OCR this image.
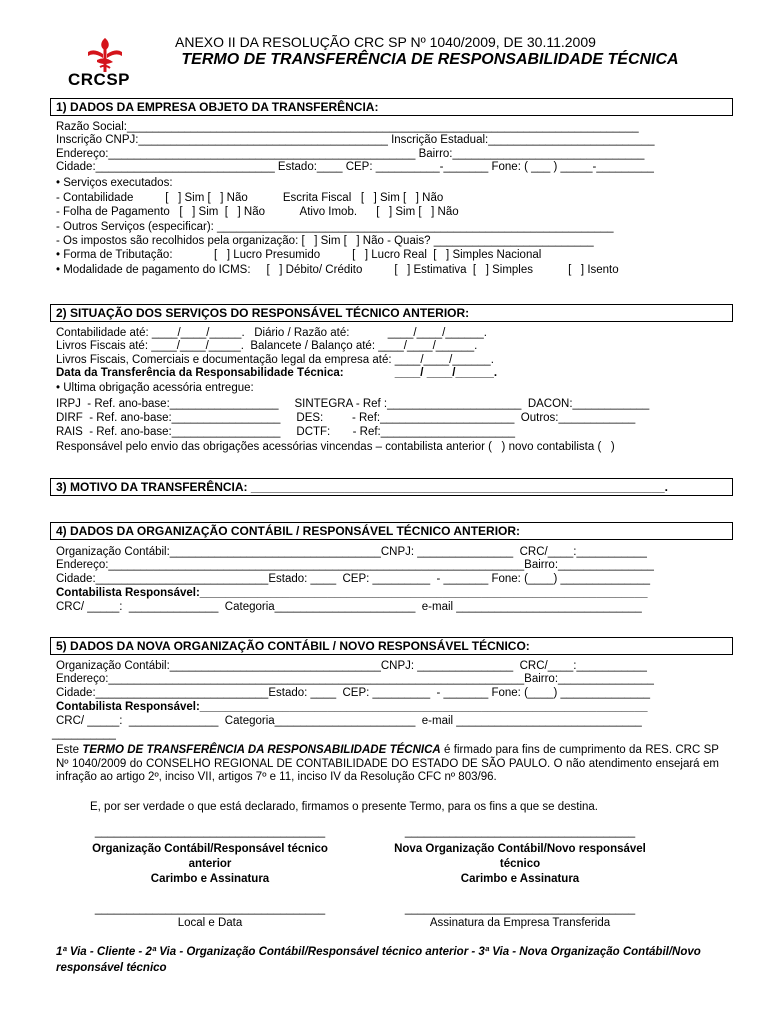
CRCSP
ANEXO II DA RESOLUÇÃO CRC SP Nº 1040/2009, DE 30.11.2009
TERMO DE TRANSFERÊNCIA DE RESPONSABILIDADE TÉCNICA
1) DADOS DA EMPRESA OBJETO DA TRANSFERÊNCIA:
Razão Social:________________________________________________________________________________
Inscrição CNPJ:_______________________________________ Inscrição Estadual:__________________________
Endereço:________________________________________________ Bairro:______________________________
Cidade:____________________________ Estado:____ CEP: __________-_______ Fone: ( ___ ) _____-_________
• Serviços executados:
- Contabilidade          [   ] Sim [   ] Não           Escrita Fiscal   [   ] Sim [   ] Não
- Folha de Pagamento   [   ] Sim  [   ] Não           Ativo Imob.      [   ] Sim [   ] Não
- Outros Serviços (especificar): ______________________________________________________________
- Os impostos são recolhidos pela organização: [   ] Sim [   ] Não - Quais? _________________________
• Forma de Tributação:             [   ] Lucro Presumido          [   ] Lucro Real  [   ] Simples Nacional
• Modalidade de pagamento do ICMS:     [   ] Débito/ Crédito          [   ] Estimativa  [   ] Simples           [   ] Isento
2) SITUAÇÃO DOS SERVIÇOS DO RESPONSÁVEL TÉCNICO ANTERIOR:
Contabilidade até: ____/____/_____.   Diário / Razão até:            ____/____/______.
Livros Fiscais até: ____/____/_____.  Balancete / Balanço até: ____/____/______.
Livros Fiscais, Comerciais e documentação legal da empresa até: ____/____/______.
Data da Transferência da Responsabilidade Técnica:                ____/ ____/______.
• Ultima obrigação acessória entregue:
IRPJ  - Ref. ano-base:_________________     SINTEGRA - Ref :_____________________  DACON:____________
DIRF  - Ref. ano-base:_________________     DES:         - Ref:_____________________  Outros:____________
RAIS  - Ref. ano-base:_________________     DCTF:       - Ref:_____________________
Responsável pelo envio das obrigações acessórias vincendas – contabilista anterior (   ) novo contabilista (   )
3) MOTIVO DA TRANSFERÊNCIA: ______________________________________________________________.
4) DADOS DA ORGANIZAÇÃO CONTÁBIL / RESPONSÁVEL TÉCNICO ANTERIOR:
Organização Contábil:_________________________________CNPJ: _______________  CRC/____:___________
Endereço:_________________________________________________________________Bairro:_______________
Cidade:___________________________Estado: ____  CEP: _________  - _______ Fone: (____) ______________
Contabilista Responsável:______________________________________________________________________
CRC/ _____:  ______________  Categoria______________________  e-mail _____________________________
5) DADOS DA NOVA ORGANIZAÇÃO CONTÁBIL / NOVO RESPONSÁVEL TÉCNICO:
Organização Contábil:_________________________________CNPJ: _______________  CRC/____:___________
Endereço:_________________________________________________________________Bairro:_______________
Cidade:___________________________Estado: ____  CEP: _________  - _______ Fone: (____) ______________
Contabilista Responsável:______________________________________________________________________
CRC/ _____:  ______________  Categoria______________________  e-mail _____________________________
__________
Este TERMO DE TRANSFERÊNCIA DA RESPONSABILIDADE TÉCNICA é firmado para fins de cumprimento da RES. CRC SP Nº 1040/2009 do CONSELHO REGIONAL DE CONTABILIDADE DO ESTADO DE SÃO PAULO. O não atendimento ensejará em infração ao artigo 2º, inciso VII, artigos 7º e 11, inciso IV da Resolução CFC nº 803/96.
E, por ser verdade o que está declarado, firmamos o presente Termo, para os fins a que se destina.
____________________________________
Organização Contábil/Responsável técnico anterior
Carimbo e Assinatura
____________________________________
Nova Organização Contábil/Novo responsável técnico
Carimbo e Assinatura
____________________________________
Local e Data
____________________________________
Assinatura da Empresa Transferida
1ª Via - Cliente - 2ª Via - Organização Contábil/Responsável técnico anterior - 3ª Via - Nova Organização Contábil/Novo responsável técnico
